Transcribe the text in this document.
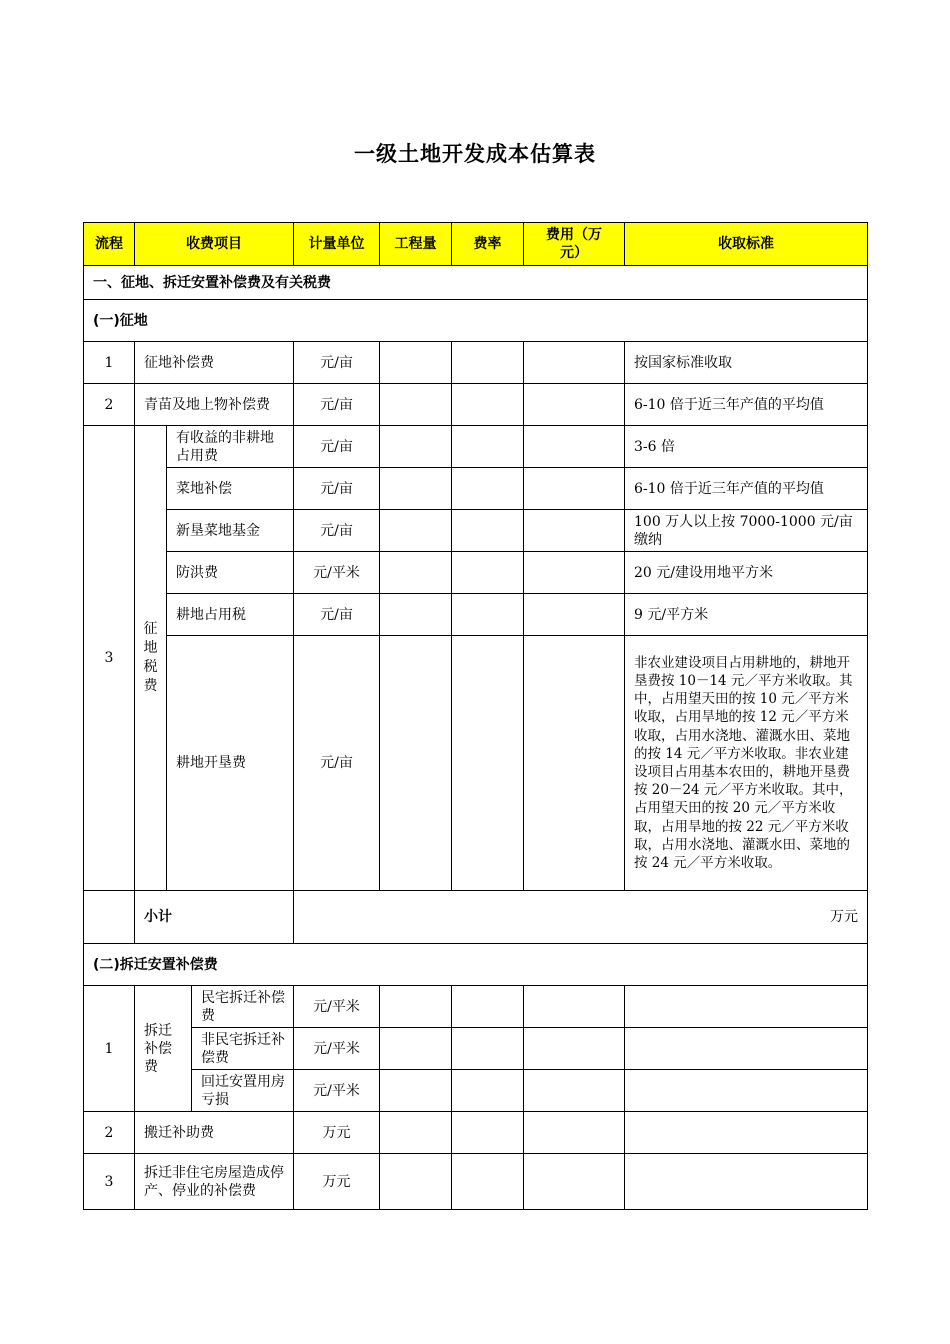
一级土地开发成本估算表
流程	收费项目			计量单位	工程量	费率	费用（万元）	收取标准
一、征地、拆迁安置补偿费及有关税费								
(一)征地								
1	征地补偿费			元/亩				按国家标准收取
2	青苗及地上物补偿费			元/亩				6-10 倍于近三年产值的平均值
3	征地税费	有收益的非耕地占用费		元/亩				3-6 倍
		菜地补偿		元/亩				6-10 倍于近三年产值的平均值
		新垦菜地基金		元/亩				100 万人以上按 7000-1000 元/亩缴纳
		防洪费		元/平米				20 元/建设用地平方米
		耕地占用税		元/亩				9 元/平方米
		耕地开垦费		元/亩				非农业建设项目占用耕地的，耕地开垦费按 10－14 元／平方米收取。其中，占用望天田的按 10 元／平方米收取，占用旱地的按 12 元／平方米收取，占用水浇地、灌溉水田、菜地的按 14 元／平方米收取。非农业建设项目占用基本农田的，耕地开垦费按 20－24 元／平方米收取。其中，占用望天田的按 20 元／平方米收取，占用旱地的按 22 元／平方米收取，占用水浇地、灌溉水田、菜地的按 24 元／平方米收取。
	小计			万元				
(二)拆迁安置补偿费								
1	拆迁补偿费		民宅拆迁补偿费	元/平米				
			非民宅拆迁补偿费	元/平米				
			回迁安置用房亏损	元/平米				
2	搬迁补助费			万元				
3	拆迁非住宅房屋造成停产、停业的补偿费			万元				
